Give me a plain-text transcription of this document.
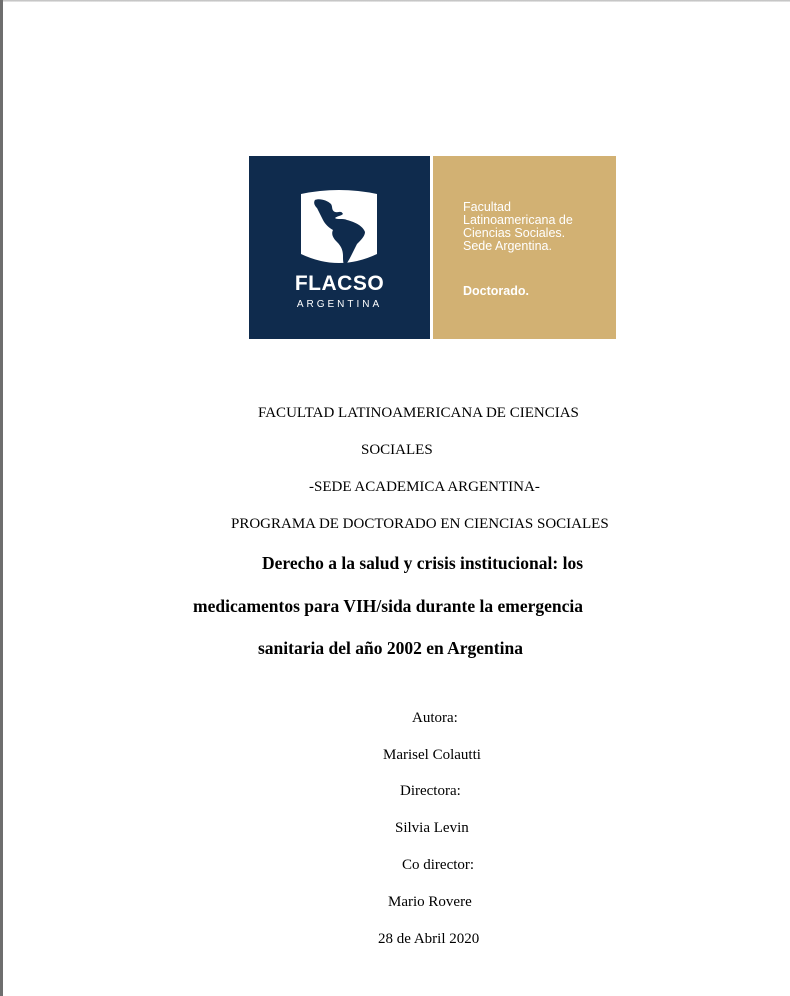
FLACSO
ARGENTINA
Facultad
Latinoamericana de
Ciencias Sociales.
Sede Argentina.
Doctorado.
FACULTAD LATINOAMERICANA DE CIENCIAS
SOCIALES
-SEDE ACADEMICA ARGENTINA-
PROGRAMA DE DOCTORADO EN CIENCIAS SOCIALES
Derecho a la salud y crisis institucional: los
medicamentos para VIH/sida durante la emergencia
sanitaria del año 2002 en Argentina
Autora:
Marisel Colautti
Directora:
Silvia Levin
Co director:
Mario Rovere
28 de Abril 2020
